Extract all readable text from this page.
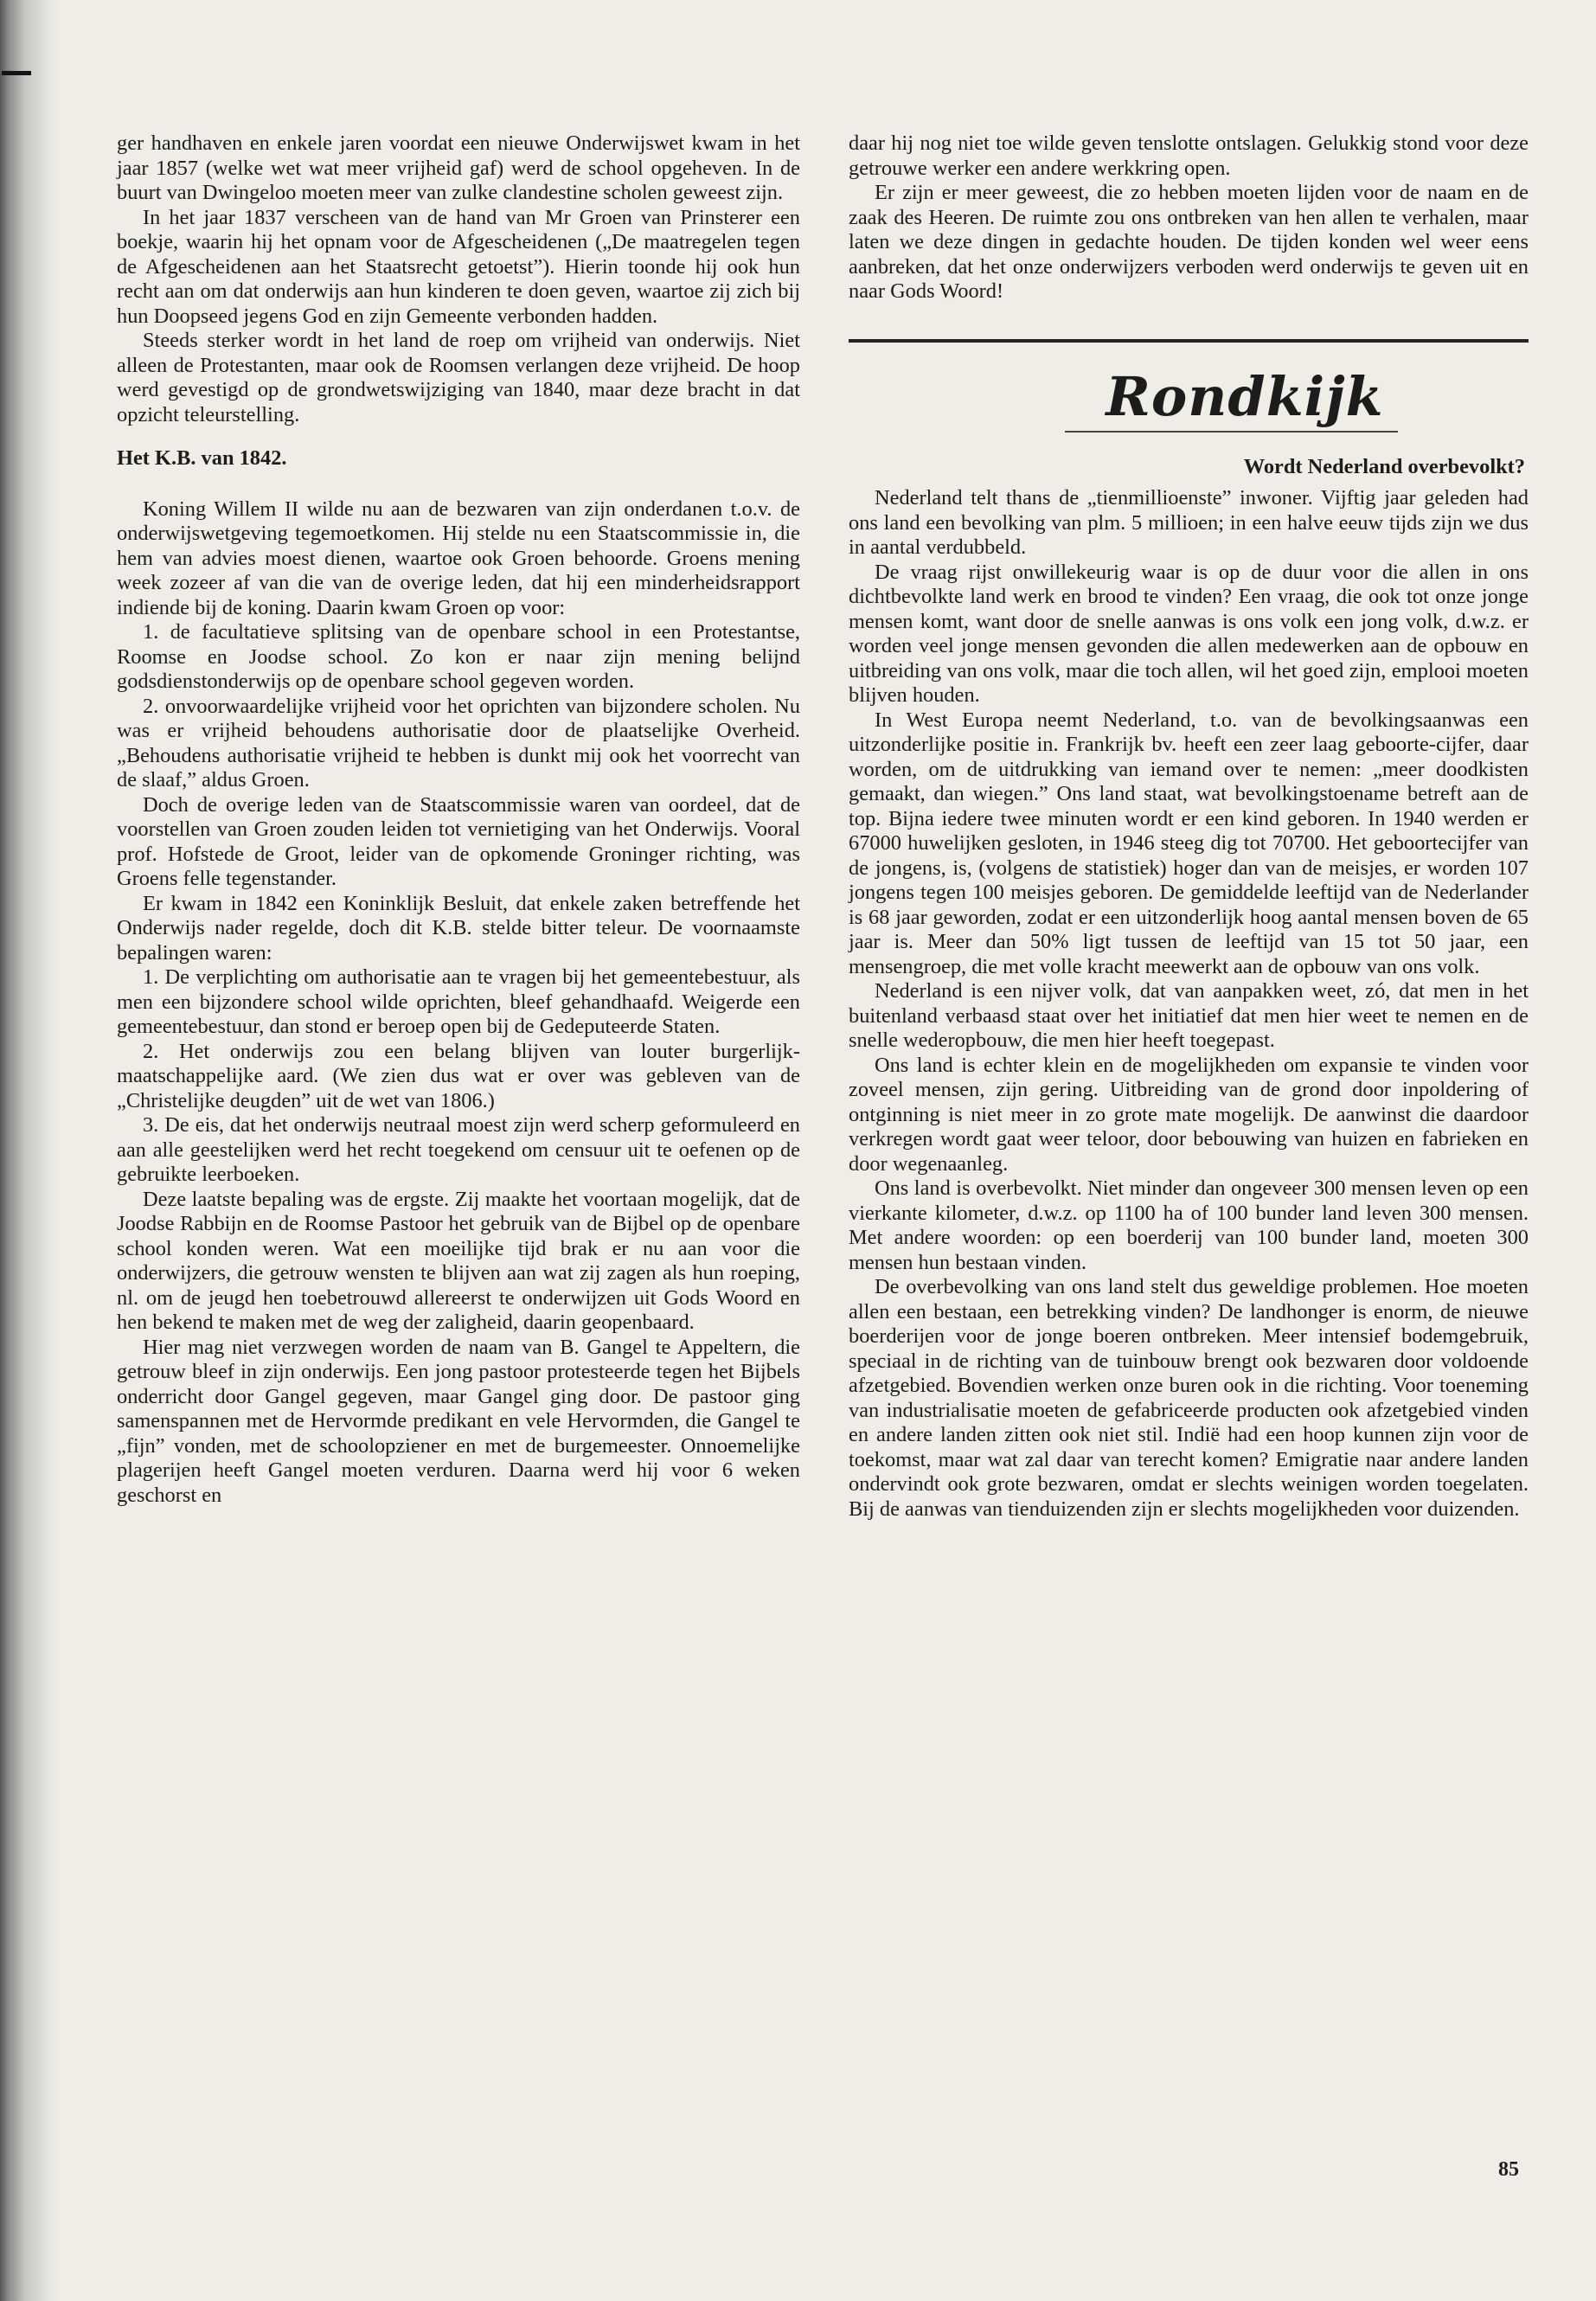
ger handhaven en enkele jaren voordat een nieuwe Onderwijswet kwam in het jaar 1857 (welke wet wat meer vrijheid gaf) werd de school opgeheven. In de buurt van Dwingeloo moeten meer van zulke clandestine scholen geweest zijn.

In het jaar 1837 verscheen van de hand van Mr Groen van Prinsterer een boekje, waarin hij het opnam voor de Afgescheidenen („De maatregelen tegen de Afgescheidenen aan het Staatsrecht getoetst”). Hierin toonde hij ook hun recht aan om dat onderwijs aan hun kinderen te doen geven, waartoe zij zich bij hun Doopseed jegens God en zijn Gemeente verbonden hadden.

Steeds sterker wordt in het land de roep om vrijheid van onderwijs. Niet alleen de Protestanten, maar ook de Roomsen verlangen deze vrijheid. De hoop werd gevestigd op de grondwetswijziging van 1840, maar deze bracht in dat opzicht teleurstelling.

Het K.B. van 1842.

Koning Willem II wilde nu aan de bezwaren van zijn onderdanen t.o.v. de onderwijswetgeving tegemoetkomen. Hij stelde nu een Staatscommissie in, die hem van advies moest dienen, waartoe ook Groen behoorde. Groens mening week zozeer af van die van de overige leden, dat hij een minderheidsrapport indiende bij de koning. Daarin kwam Groen op voor:

1. de facultatieve splitsing van de openbare school in een Protestantse, Roomse en Joodse school. Zo kon er naar zijn mening belijnd godsdienstonderwijs op de openbare school gegeven worden.

2. onvoorwaardelijke vrijheid voor het oprichten van bijzondere scholen. Nu was er vrijheid behoudens authorisatie door de plaatselijke Overheid. „Behoudens authorisatie vrijheid te hebben is dunkt mij ook het voorrecht van de slaaf,” aldus Groen.

Doch de overige leden van de Staatscommissie waren van oordeel, dat de voorstellen van Groen zouden leiden tot vernietiging van het Onderwijs. Vooral prof. Hofstede de Groot, leider van de opkomende Groninger richting, was Groens felle tegenstander.

Er kwam in 1842 een Koninklijk Besluit, dat enkele zaken betreffende het Onderwijs nader regelde, doch dit K.B. stelde bitter teleur. De voornaamste bepalingen waren:

1. De verplichting om authorisatie aan te vragen bij het gemeentebestuur, als men een bijzondere school wilde oprichten, bleef gehandhaafd. Weigerde een gemeentebestuur, dan stond er beroep open bij de Gedeputeerde Staten.

2. Het onderwijs zou een belang blijven van louter burgerlijk-maatschappelijke aard. (We zien dus wat er over was gebleven van de „Christelijke deugden” uit de wet van 1806.)

3. De eis, dat het onderwijs neutraal moest zijn werd scherp geformuleerd en aan alle geestelijken werd het recht toegekend om censuur uit te oefenen op de gebruikte leerboeken.

Deze laatste bepaling was de ergste. Zij maakte het voortaan mogelijk, dat de Joodse Rabbijn en de Roomse Pastoor het gebruik van de Bijbel op de openbare school konden weren. Wat een moeilijke tijd brak er nu aan voor die onderwijzers, die getrouw wensten te blijven aan wat zij zagen als hun roeping, nl. om de jeugd hen toebetrouwd allereerst te onderwijzen uit Gods Woord en hen bekend te maken met de weg der zaligheid, daarin geopenbaard.

Hier mag niet verzwegen worden de naam van B. Gangel te Appeltern, die getrouw bleef in zijn onderwijs. Een jong pastoor protesteerde tegen het Bijbels onderricht door Gangel gegeven, maar Gangel ging door. De pastoor ging samenspannen met de Hervormde predikant en vele Hervormden, die Gangel te „fijn” vonden, met de schoolopziener en met de burgemeester. Onnoemelijke plagerijen heeft Gangel moeten verduren. Daarna werd hij voor 6 weken geschorst en

daar hij nog niet toe wilde geven tenslotte ontslagen. Gelukkig stond voor deze getrouwe werker een andere werkkring open.

Er zijn er meer geweest, die zo hebben moeten lijden voor de naam en de zaak des Heeren. De ruimte zou ons ontbreken van hen allen te verhalen, maar laten we deze dingen in gedachte houden. De tijden konden wel weer eens aanbreken, dat het onze onderwijzers verboden werd onderwijs te geven uit en naar Gods Woord!

Rondkijk
Wordt Nederland overbevolkt?

Nederland telt thans de „tienmillioenste” inwoner. Vijftig jaar geleden had ons land een bevolking van plm. 5 millioen; in een halve eeuw tijds zijn we dus in aantal verdubbeld.

De vraag rijst onwillekeurig waar is op de duur voor die allen in ons dichtbevolkte land werk en brood te vinden? Een vraag, die ook tot onze jonge mensen komt, want door de snelle aanwas is ons volk een jong volk, d.w.z. er worden veel jonge mensen gevonden die allen medewerken aan de opbouw en uitbreiding van ons volk, maar die toch allen, wil het goed zijn, emplooi moeten blijven houden.

In West Europa neemt Nederland, t.o. van de bevolkingsaanwas een uitzonderlijke positie in. Frankrijk bv. heeft een zeer laag geboorte-cijfer, daar worden, om de uitdrukking van iemand over te nemen: „meer doodkisten gemaakt, dan wiegen.” Ons land staat, wat bevolkingstoename betreft aan de top. Bijna iedere twee minuten wordt er een kind geboren. In 1940 werden er 67000 huwelijken gesloten, in 1946 steeg dig tot 70700. Het geboortecijfer van de jongens, is, (volgens de statistiek) hoger dan van de meisjes, er worden 107 jongens tegen 100 meisjes geboren. De gemiddelde leeftijd van de Nederlander is 68 jaar geworden, zodat er een uitzonderlijk hoog aantal mensen boven de 65 jaar is. Meer dan 50% ligt tussen de leeftijd van 15 tot 50 jaar, een mensengroep, die met volle kracht meewerkt aan de opbouw van ons volk.

Nederland is een nijver volk, dat van aanpakken weet, zó, dat men in het buitenland verbaasd staat over het initiatief dat men hier weet te nemen en de snelle wederopbouw, die men hier heeft toegepast.

Ons land is echter klein en de mogelijkheden om expansie te vinden voor zoveel mensen, zijn gering. Uitbreiding van de grond door inpoldering of ontginning is niet meer in zo grote mate mogelijk. De aanwinst die daardoor verkregen wordt gaat weer teloor, door bebouwing van huizen en fabrieken en door wegenaanleg.

Ons land is overbevolkt. Niet minder dan ongeveer 300 mensen leven op een vierkante kilometer, d.w.z. op 1100 ha of 100 bunder land leven 300 mensen. Met andere woorden: op een boerderij van 100 bunder land, moeten 300 mensen hun bestaan vinden.

De overbevolking van ons land stelt dus geweldige problemen. Hoe moeten allen een bestaan, een betrekking vinden? De landhonger is enorm, de nieuwe boerderijen voor de jonge boeren ontbreken. Meer intensief bodemgebruik, speciaal in de richting van de tuinbouw brengt ook bezwaren door voldoende afzetgebied. Bovendien werken onze buren ook in die richting. Voor toeneming van industrialisatie moeten de gefabriceerde producten ook afzetgebied vinden en andere landen zitten ook niet stil. Indië had een hoop kunnen zijn voor de toekomst, maar wat zal daar van terecht komen? Emigratie naar andere landen ondervindt ook grote bezwaren, omdat er slechts weinigen worden toegelaten. Bij de aanwas van tienduizenden zijn er slechts mogelijkheden voor duizenden.

85
